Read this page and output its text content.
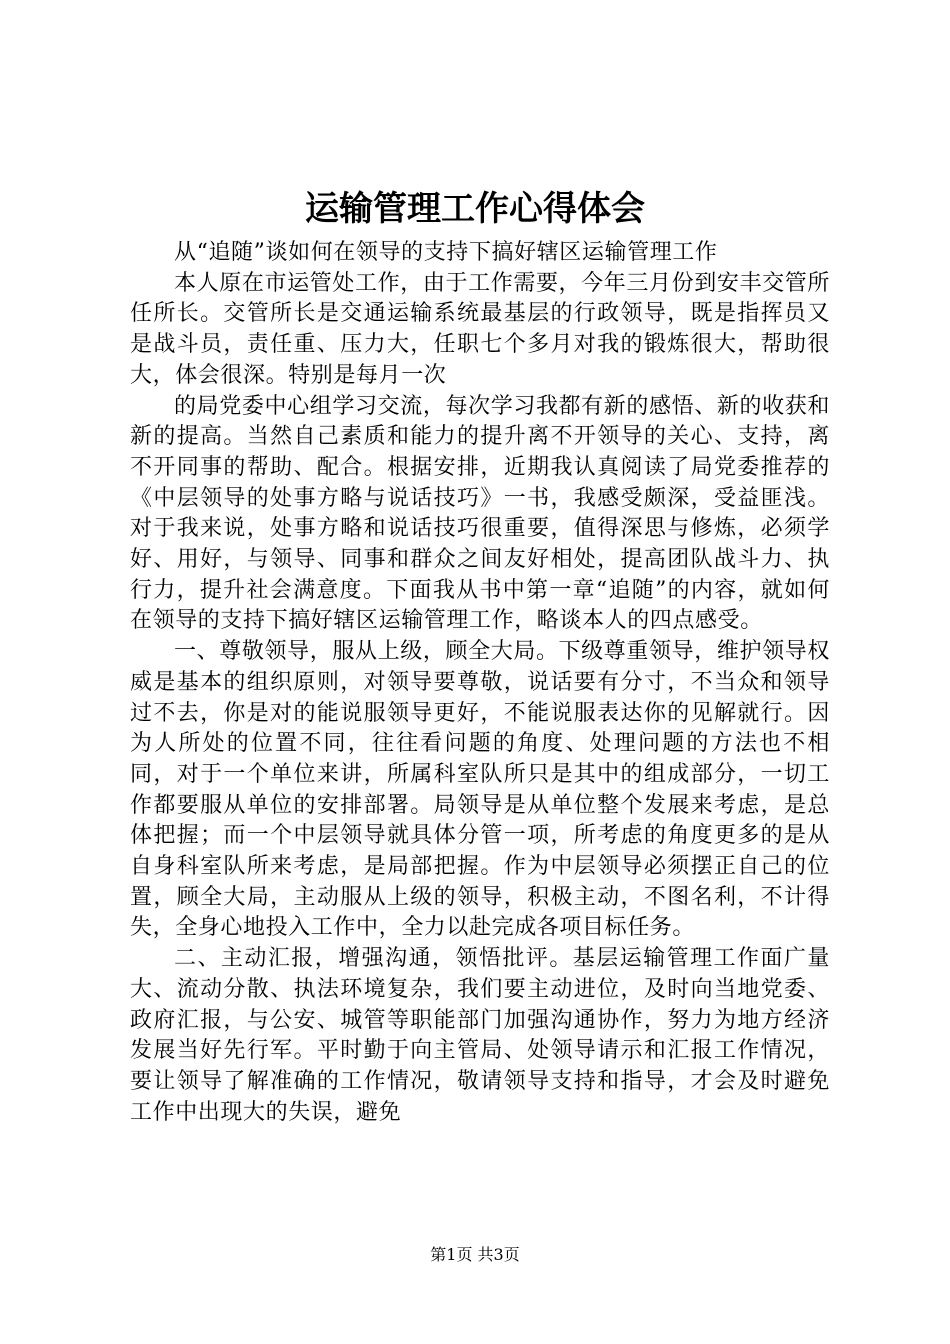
运输管理工作心得体会

从“追随”谈如何在领导的支持下搞好辖区运输管理工作

本人原在市运管处工作，由于工作需要，今年三月份到安丰交管所任所长。交管所长是交通运输系统最基层的行政领导，既是指挥员又是战斗员，责任重、压力大，任职七个多月对我的锻炼很大，帮助很大，体会很深。特别是每月一次

的局党委中心组学习交流，每次学习我都有新的感悟、新的收获和新的提高。当然自己素质和能力的提升离不开领导的关心、支持，离不开同事的帮助、配合。根据安排，近期我认真阅读了局党委推荐的《中层领导的处事方略与说话技巧》一书，我感受颇深，受益匪浅。对于我来说，处事方略和说话技巧很重要，值得深思与修炼，必须学好、用好，与领导、同事和群众之间友好相处，提高团队战斗力、执行力，提升社会满意度。下面我从书中第一章“追随”的内容，就如何在领导的支持下搞好辖区运输管理工作，略谈本人的四点感受。

一、尊敬领导，服从上级，顾全大局。下级尊重领导，维护领导权威是基本的组织原则，对领导要尊敬，说话要有分寸，不当众和领导过不去，你是对的能说服领导更好，不能说服表达你的见解就行。因为人所处的位置不同，往往看问题的角度、处理问题的方法也不相同，对于一个单位来讲，所属科室队所只是其中的组成部分，一切工作都要服从单位的安排部署。局领导是从单位整个发展来考虑，是总体把握；而一个中层领导就具体分管一项，所考虑的角度更多的是从自身科室队所来考虑，是局部把握。作为中层领导必须摆正自己的位置，顾全大局，主动服从上级的领导，积极主动，不图名利，不计得失，全身心地投入工作中，全力以赴完成各项目标任务。

二、主动汇报，增强沟通，领悟批评。基层运输管理工作面广量大、流动分散、执法环境复杂，我们要主动进位，及时向当地党委、政府汇报，与公安、城管等职能部门加强沟通协作，努力为地方经济发展当好先行军。平时勤于向主管局、处领导请示和汇报工作情况，要让领导了解准确的工作情况，敬请领导支持和指导，才会及时避免工作中出现大的失误，避免

第1页 共3页
